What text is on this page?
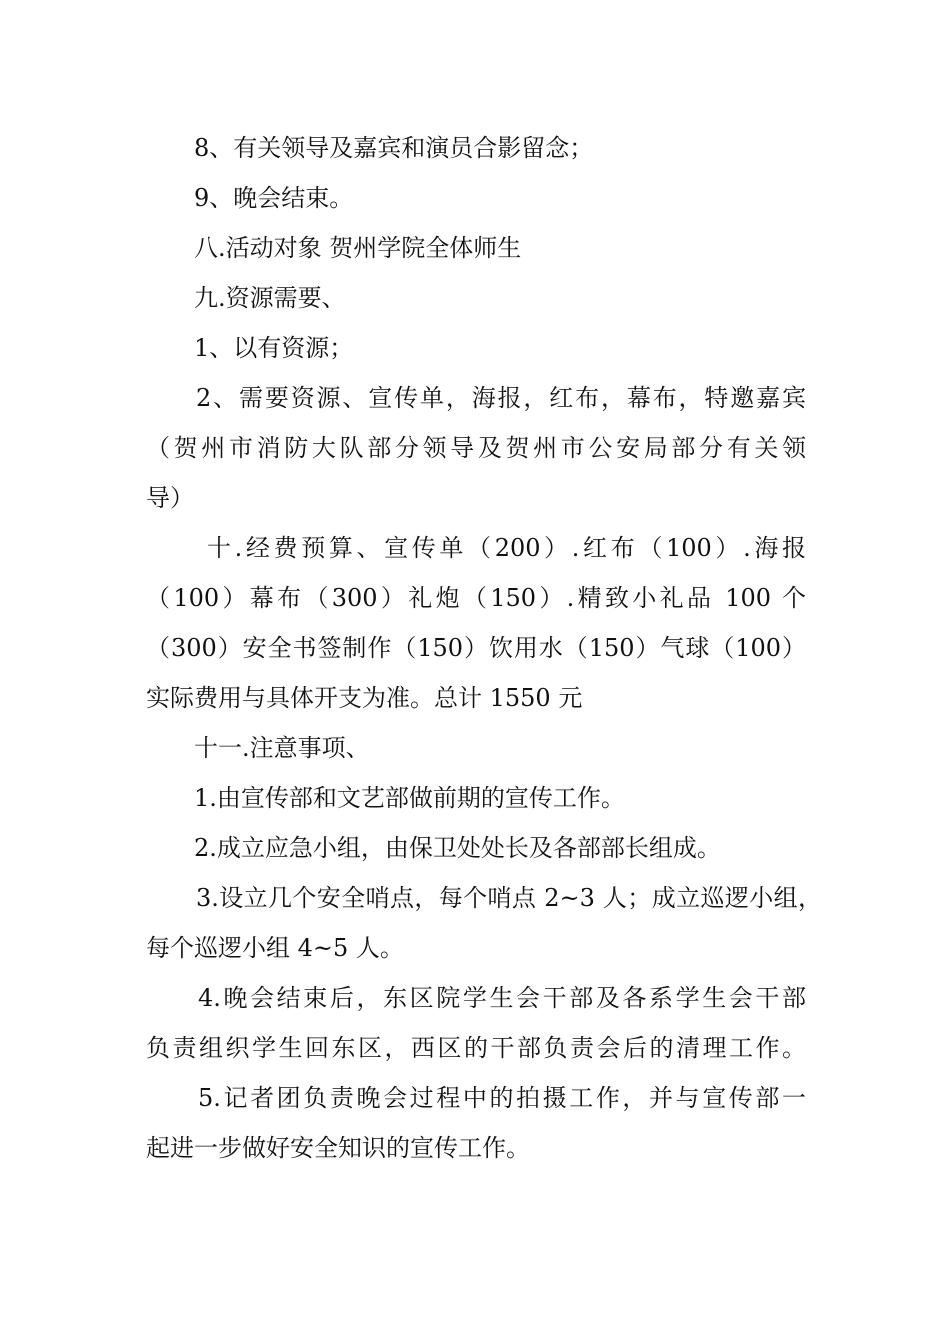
8、有关领导及嘉宾和演员合影留念；
9、晚会结束。
八.活动对象 贺州学院全体师生
九.资源需要、
1、以有资源；
2、需要资源、宣传单，海报，红布，幕布，特邀嘉宾
（贺州市消防大队部分领导及贺州市公安局部分有关领
导）
十.经费预算、宣传单（200）.红布（100）.海报
（100）幕布（300）礼炮（150）.精致小礼品 100 个
（300）安全书签制作（150）饮用水（150）气球（100）
实际费用与具体开支为准。总计 1550 元
十一.注意事项、
1.由宣传部和文艺部做前期的宣传工作。
2.成立应急小组，由保卫处处长及各部部长组成。
3.设立几个安全哨点，每个哨点 2~3 人；成立巡逻小组，
每个巡逻小组 4~5 人。
4.晚会结束后，东区院学生会干部及各系学生会干部
负责组织学生回东区，西区的干部负责会后的清理工作。
5.记者团负责晚会过程中的拍摄工作，并与宣传部一
起进一步做好安全知识的宣传工作。
